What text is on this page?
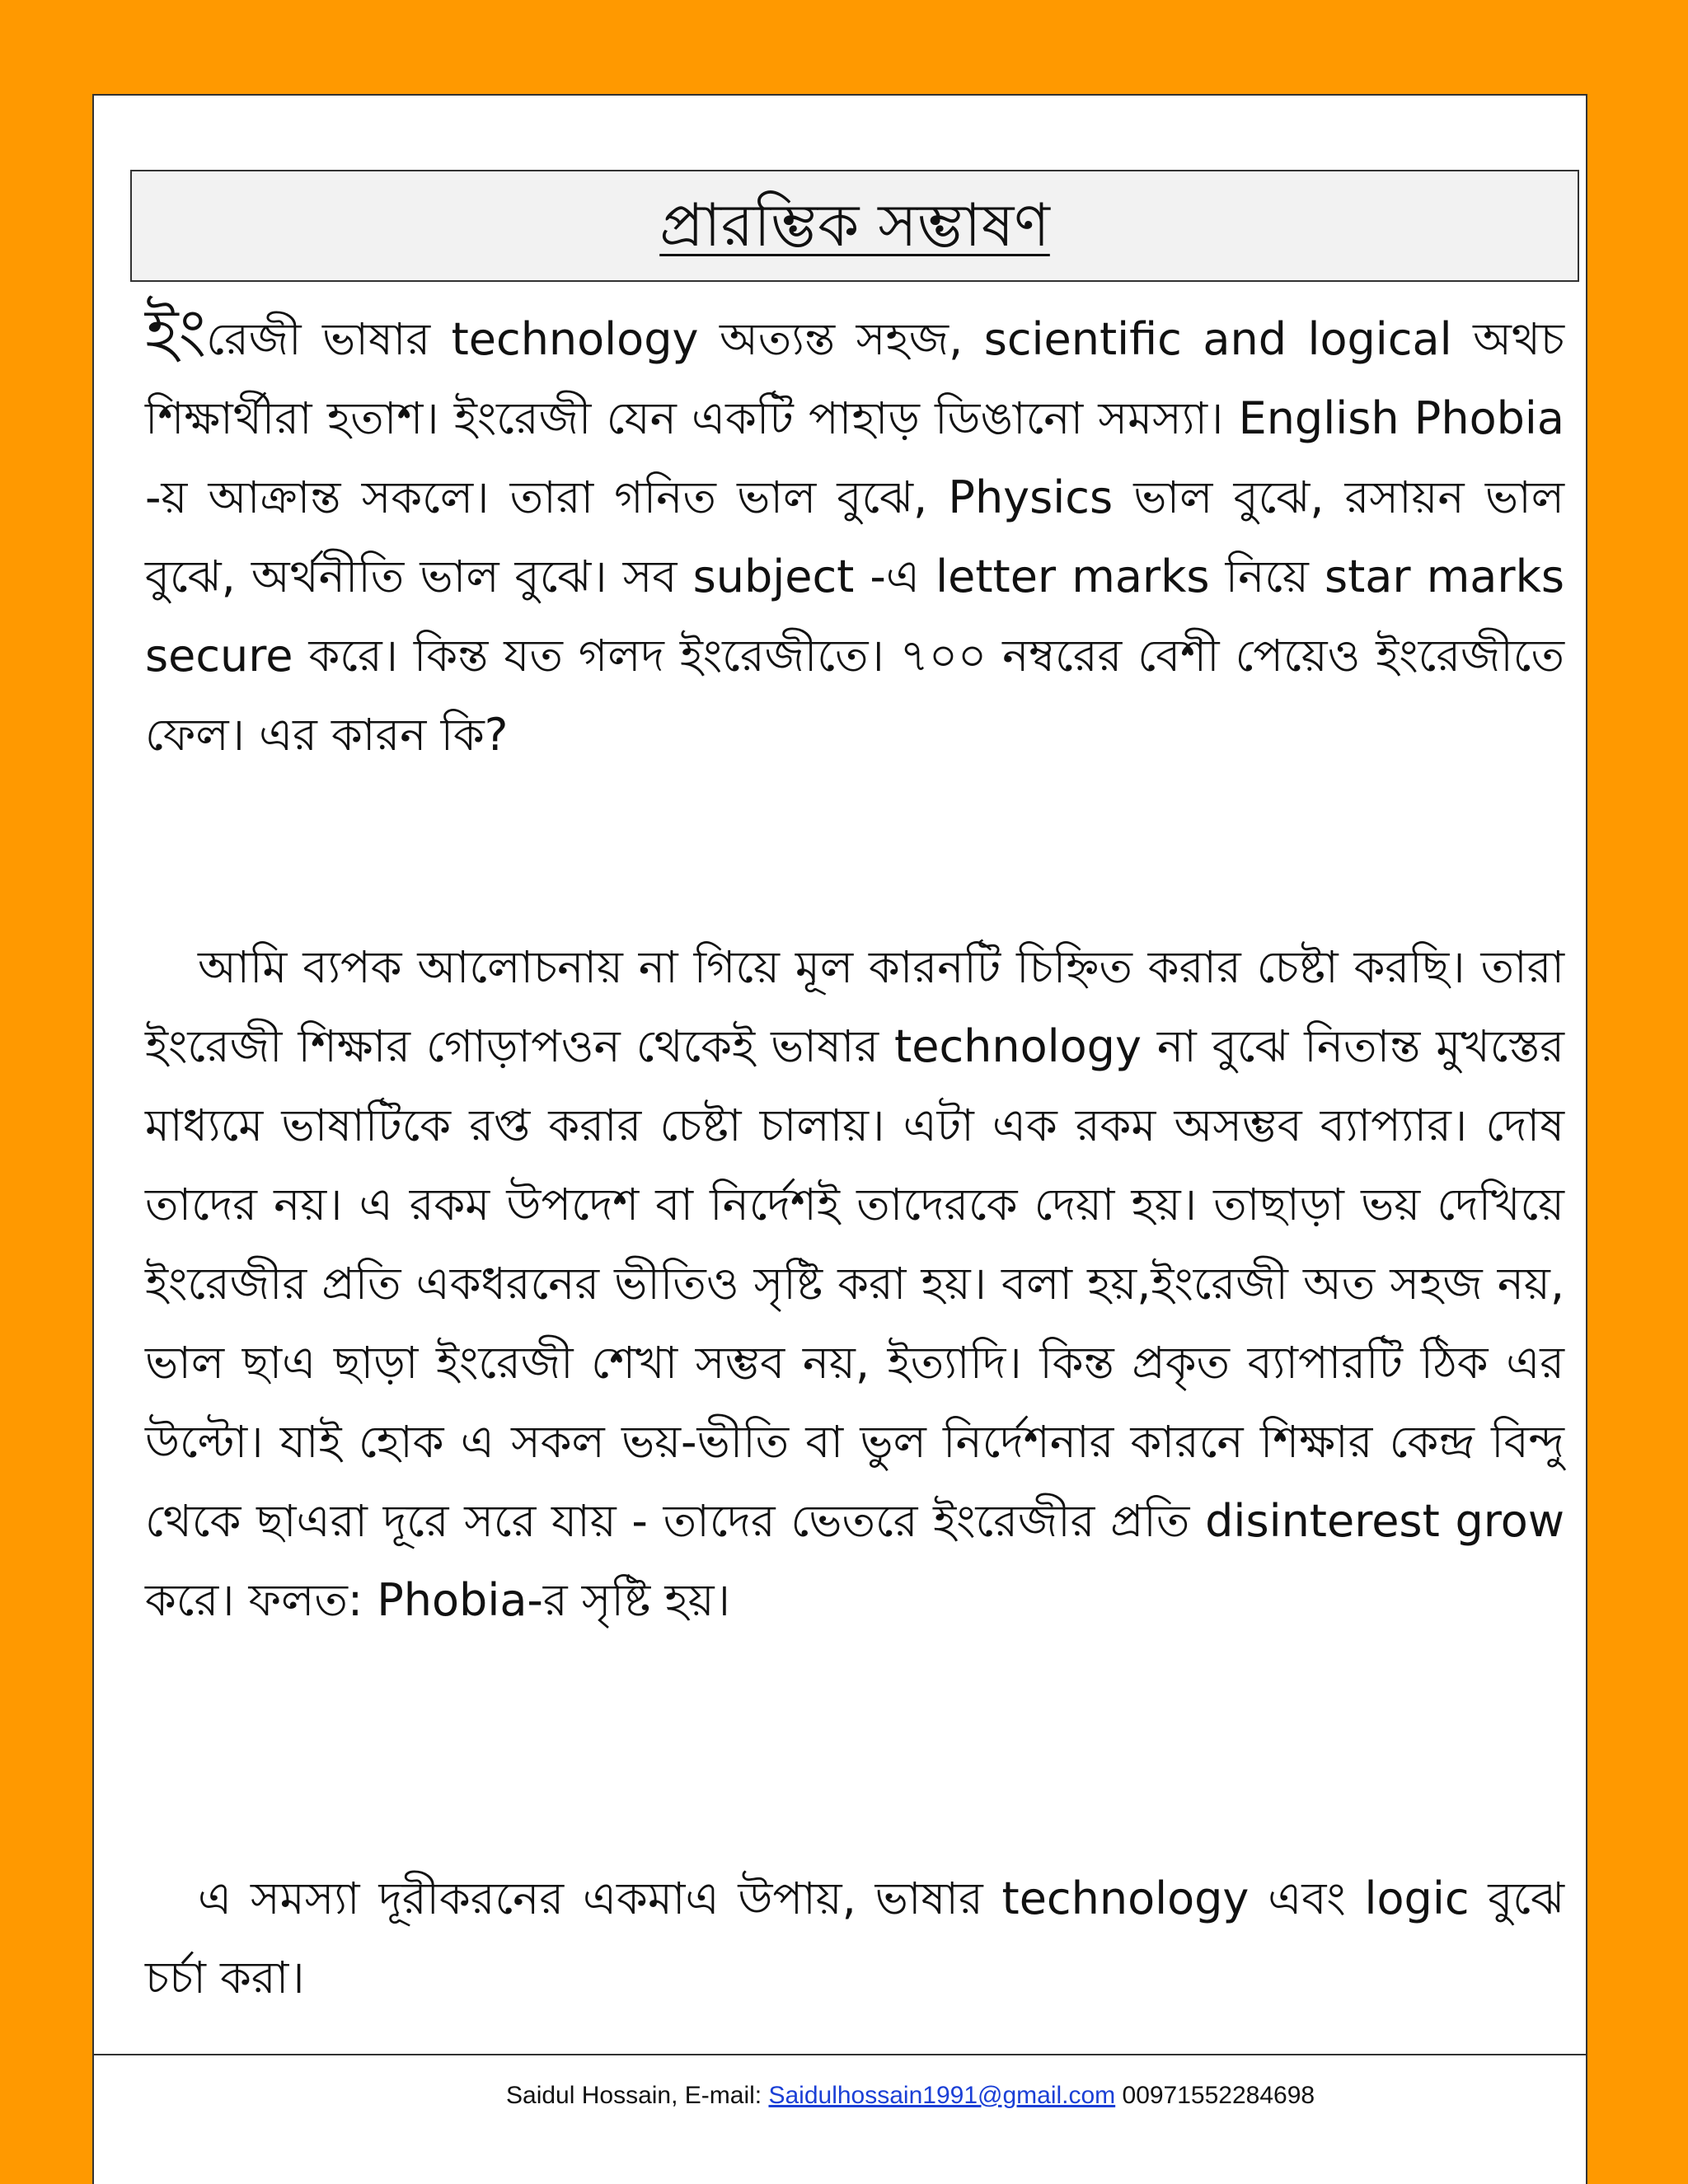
প্রারম্ভিক সম্ভাষণ
ইংরেজী ভাষার technology অত্যন্ত সহজ, scientific and logical অথচ শিক্ষার্থীরা হতাশ। ইংরেজী যেন একটি পাহাড় ডিঙানো সমস্যা। English Phobia -য় আক্রান্ত সকলে। তারা গনিত ভাল বুঝে, Physics ভাল বুঝে, রসায়ন ভাল বুঝে, অর্থনীতি ভাল বুঝে। সব subject -এ letter marks নিয়ে star marks secure করে। কিন্ত যত গলদ ইংরেজীতে। ৭০০ নম্বরের বেশী পেয়েও ইংরেজীতে ফেল। এর কারন কি?
আমি ব্যপক আলোচনায় না গিয়ে মূল কারনটি চিহ্নিত করার চেষ্টা করছি। তারা ইংরেজী শিক্ষার গোড়াপওন থেকেই ভাষার technology না বুঝে নিতান্ত মুখস্তের মাধ্যমে ভাষাটিকে রপ্ত করার চেষ্টা চালায়। এটা এক রকম অসম্ভব ব্যাপ্যার। দোষ তাদের নয়। এ রকম উপদেশ বা নির্দেশই তাদেরকে দেয়া হয়। তাছাড়া ভয় দেখিয়ে ইংরেজীর প্রতি একধরনের ভীতিও সৃষ্টি করা হয়। বলা হয়,ইংরেজী অত সহজ নয়, ভাল ছাএ ছাড়া ইংরেজী শেখা সম্ভব নয়, ইত্যাদি। কিন্ত প্রকৃত ব্যাপারটি ঠিক এর উল্টো। যাই হোক এ সকল ভয়-ভীতি বা ভুল নির্দেশনার কারনে শিক্ষার কেন্দ্র বিন্দু থেকে ছাএরা দূরে সরে যায় - তাদের ভেতরে ইংরেজীর প্রতি disinterest grow করে। ফলত: Phobia-র সৃষ্টি হয়।
এ সমস্যা দূরীকরনের একমাএ উপায়, ভাষার technology এবং logic বুঝে চর্চা করা।
Saidul Hossain, E-mail: Saidulhossain1991@gmail.com 00971552284698
